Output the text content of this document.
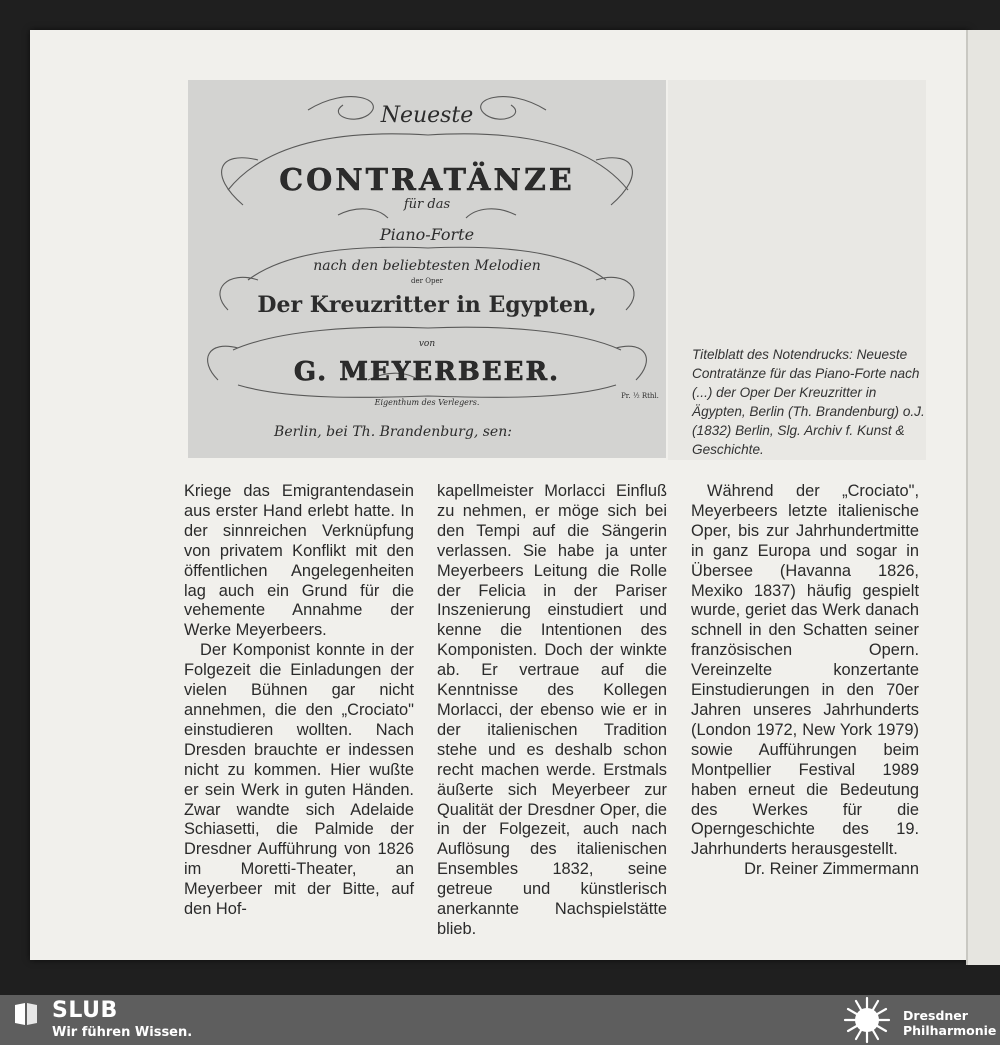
Neueste
CONTRATÄNZE
für das
Piano-Forte
nach den beliebtesten Melodien
der Oper
Der Kreuzritter in Egypten,
von
G. MEYERBEER.
Eigenthum des Verlegers.
Pr. ½ Rthl.
Berlin, bei Th. Brandenburg, sen:
Titelblatt des Notendrucks: Neueste Contratänze für das Piano-Forte nach (...) der Oper Der Kreuzritter in Ägypten, Berlin (Th. Brandenburg) o.J. (1832) Berlin, Slg. Archiv f. Kunst & Geschichte.

Kriege das Emigrantendasein aus erster Hand erlebt hatte. In der sinnreichen Verknüpfung von privatem Konflikt mit den öffentlichen Angelegenheiten lag auch ein Grund für die vehemente Annahme der Werke Meyerbeers.

Der Komponist konnte in der Folgezeit die Einladungen der vielen Bühnen gar nicht annehmen, die den „Crociato" einstudieren wollten. Nach Dresden brauchte er indessen nicht zu kommen. Hier wußte er sein Werk in guten Händen. Zwar wandte sich Adelaide Schiasetti, die Palmide der Dresdner Aufführung von 1826 im Moretti-Theater, an Meyerbeer mit der Bitte, auf den Hof-

kapellmeister Morlacci Einfluß zu nehmen, er möge sich bei den Tempi auf die Sängerin verlassen. Sie habe ja unter Meyerbeers Leitung die Rolle der Felicia in der Pariser Inszenierung einstudiert und kenne die Intentionen des Komponisten. Doch der winkte ab. Er vertraue auf die Kenntnisse des Kollegen Morlacci, der ebenso wie er in der italienischen Tradition stehe und es deshalb schon recht machen werde. Erstmals äußerte sich Meyerbeer zur Qualität der Dresdner Oper, die in der Folgezeit, auch nach Auflösung des italienischen Ensembles 1832, seine getreue und künstlerisch anerkannte Nachspielstätte blieb.

Während der „Crociato", Meyerbeers letzte italienische Oper, bis zur Jahrhundertmitte in ganz Europa und sogar in Übersee (Havanna 1826, Mexiko 1837) häufig gespielt wurde, geriet das Werk danach schnell in den Schatten seiner französischen Opern. Vereinzelte konzertante Einstudierungen in den 70er Jahren unseres Jahrhunderts (London 1972, New York 1979) sowie Aufführungen beim Montpellier Festival 1989 haben erneut die Bedeutung des Werkes für die Operngeschichte des 19. Jahrhunderts herausgestellt.

Dr. Reiner Zimmermann

SLUB
Wir führen Wissen.
Dresdner
Philharmonie
